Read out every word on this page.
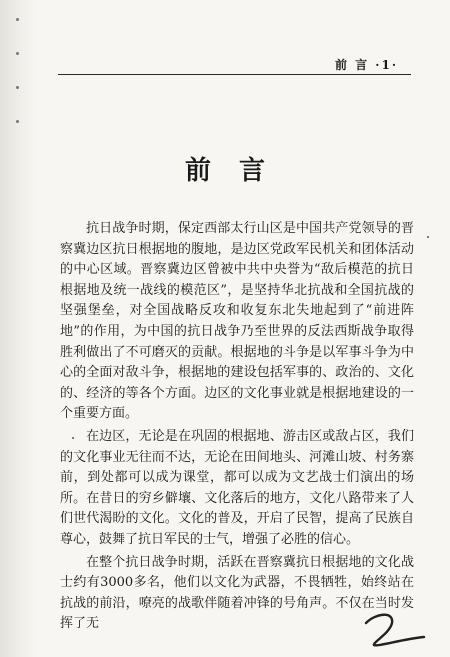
前 言 ·1·
前言

抗日战争时期，保定西部太行山区是中国共产党领导的晋察冀边区抗日根据地的腹地，是边区党政军民机关和团体活动的中心区域。晋察冀边区曾被中共中央誉为“敌后模范的抗日根据地及统一战线的模范区”，是坚持华北抗战和全国抗战的坚强堡垒，对全国战略反攻和收复东北失地起到了“前进阵地”的作用，为中国的抗日战争乃至世界的反法西斯战争取得胜利做出了不可磨灭的贡献。根据地的斗争是以军事斗争为中心的全面对敌斗争，根据地的建设包括军事的、政治的、文化的、经济的等各个方面。边区的文化事业就是根据地建设的一个重要方面。

在边区，无论是在巩固的根据地、游击区或敌占区，我们的文化事业无往而不达，无论在田间地头、河滩山坡、村务寨前，到处都可以成为课堂，都可以成为文艺战士们演出的场所。在昔日的穷乡僻壤、文化落后的地方，文化八路带来了人们世代渴盼的文化。文化的普及，开启了民智，提高了民族自尊心，鼓舞了抗日军民的士气，增强了必胜的信心。

在整个抗日战争时期，活跃在晋察冀抗日根据地的文化战士约有3000多名，他们以文化为武器，不畏牺牲，始终站在抗战的前沿，嘹亮的战歌伴随着冲锋的号角声。不仅在当时发挥了无
